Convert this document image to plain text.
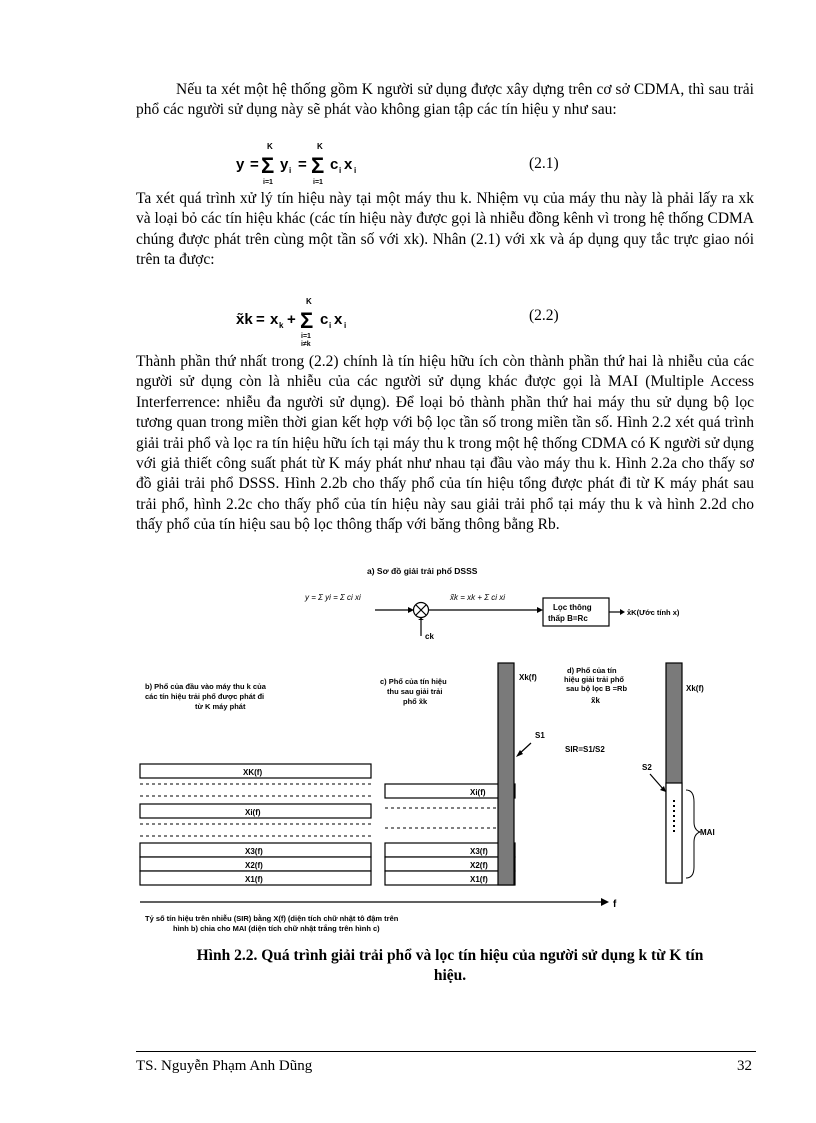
Nếu ta xét một hệ thống gồm K người sử dụng được xây dựng trên cơ sở CDMA, thì sau trải phổ các người sử dụng này sẽ phát vào không gian tập các tín hiệu y như sau:
y =
K
Σ
i=1
y i =
K
Σ
i=1
c i x i	(2.1)
Ta xét quá trình xử lý tín hiệu này tại một máy thu k. Nhiệm vụ của máy thu này là phải lấy ra xk và loại bỏ các tín hiệu khác (các tín hiệu này được gọi là nhiễu đồng kênh vì trong hệ thống CDMA chúng được phát trên cùng một tần số với xk). Nhân (2.1) với xk và áp dụng quy tắc trực giao nói trên ta được:
x̃k = x k +
K
Σ
i=1
i≠k
c i x i
(2.2)
Thành phần thứ nhất trong (2.2) chính là tín hiệu hữu ích còn thành phần thứ hai là nhiễu của các người sử dụng còn là nhiễu của các người sử dụng khác được gọi là MAI (Multiple Access Interferrence: nhiễu đa người sử dụng). Để loại bỏ thành phần thứ hai máy thu sử dụng bộ lọc tương quan trong miền thời gian kết hợp với bộ lọc tần số trong miền tần số. Hình 2.2 xét quá trình giải trải phổ và lọc ra tín hiệu hữu ích tại máy thu k trong một hệ thống CDMA có K người sử dụng với giả thiết công suất phát từ K máy phát như nhau tại đầu vào máy thu k. Hình 2.2a cho thấy sơ đồ giải trải phổ DSSS. Hình 2.2b cho thấy phổ của tín hiệu tổng được phát đi từ K máy phát sau trải phổ, hình 2.2c cho thấy phổ của tín hiệu này sau giải trải phổ tại máy thu k và hình 2.2d cho thấy phổ của tín hiệu sau bộ lọc thông thấp với băng thông bằng Rb.
a) Sơ đồ giải trải phổ DSSS
y = Σ yi = Σ ci xi
ck
x̃k = xk + Σ ci xi
Lọc thông
thấp B=Rc
x̂K(Ước tính x)
b) Phổ của đầu vào máy thu k của
các tín hiệu trải phổ được phát đi
từ K máy phát
XK(f)
Xi(f)
X3(f)
X2(f)
X1(f)
c) Phổ của tín hiệu
thu sau giải trải
phổ x̃k
Xi(f)
X3(f)
X2(f)
X1(f)
Xk(f)
S1
SIR=S1/S2
d) Phổ của tín
hiệu giải trải phổ
sau bộ lọc B =Rb
x̃k
Xk(f)
MAI
S2
f
Tỷ số tín hiệu trên nhiễu (SIR) bằng X(f) (diện tích chữ nhật tô đậm trên
hình b) chia cho MAI (diện tích chữ nhật trắng trên hình c)
Hình 2.2. Quá trình giải trải phổ và lọc tín hiệu của người sử dụng k từ K tín
hiệu.
TS. Nguyễn Phạm Anh Dũng	32
